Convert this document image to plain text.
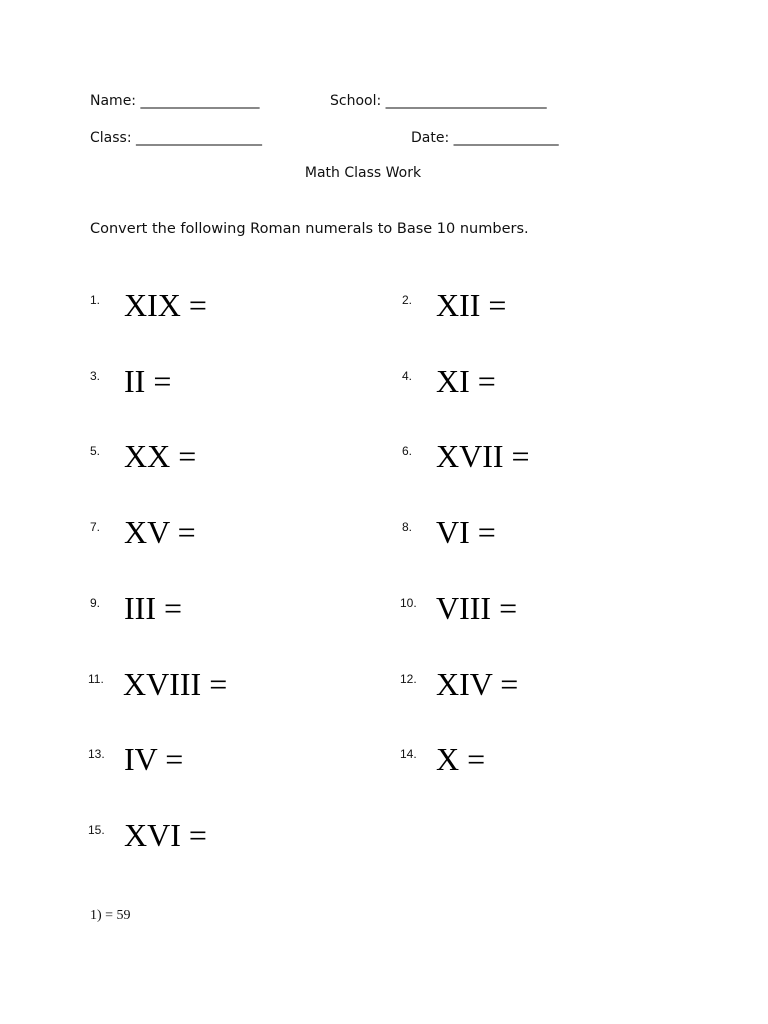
Name: _________________	School: _______________________
Class: __________________	Date: _______________
Math Class Work
Convert the following Roman numerals to Base 10 numbers.
1. XIX =	2. XII =
3. II =	4. XI =
5. XX =	6. XVII =
7. XV =	8. VI =
9. III =	10. VIII =
11. XVIII =	12. XIV =
13. IV =	14. X =
15. XVI =
1) = 59
